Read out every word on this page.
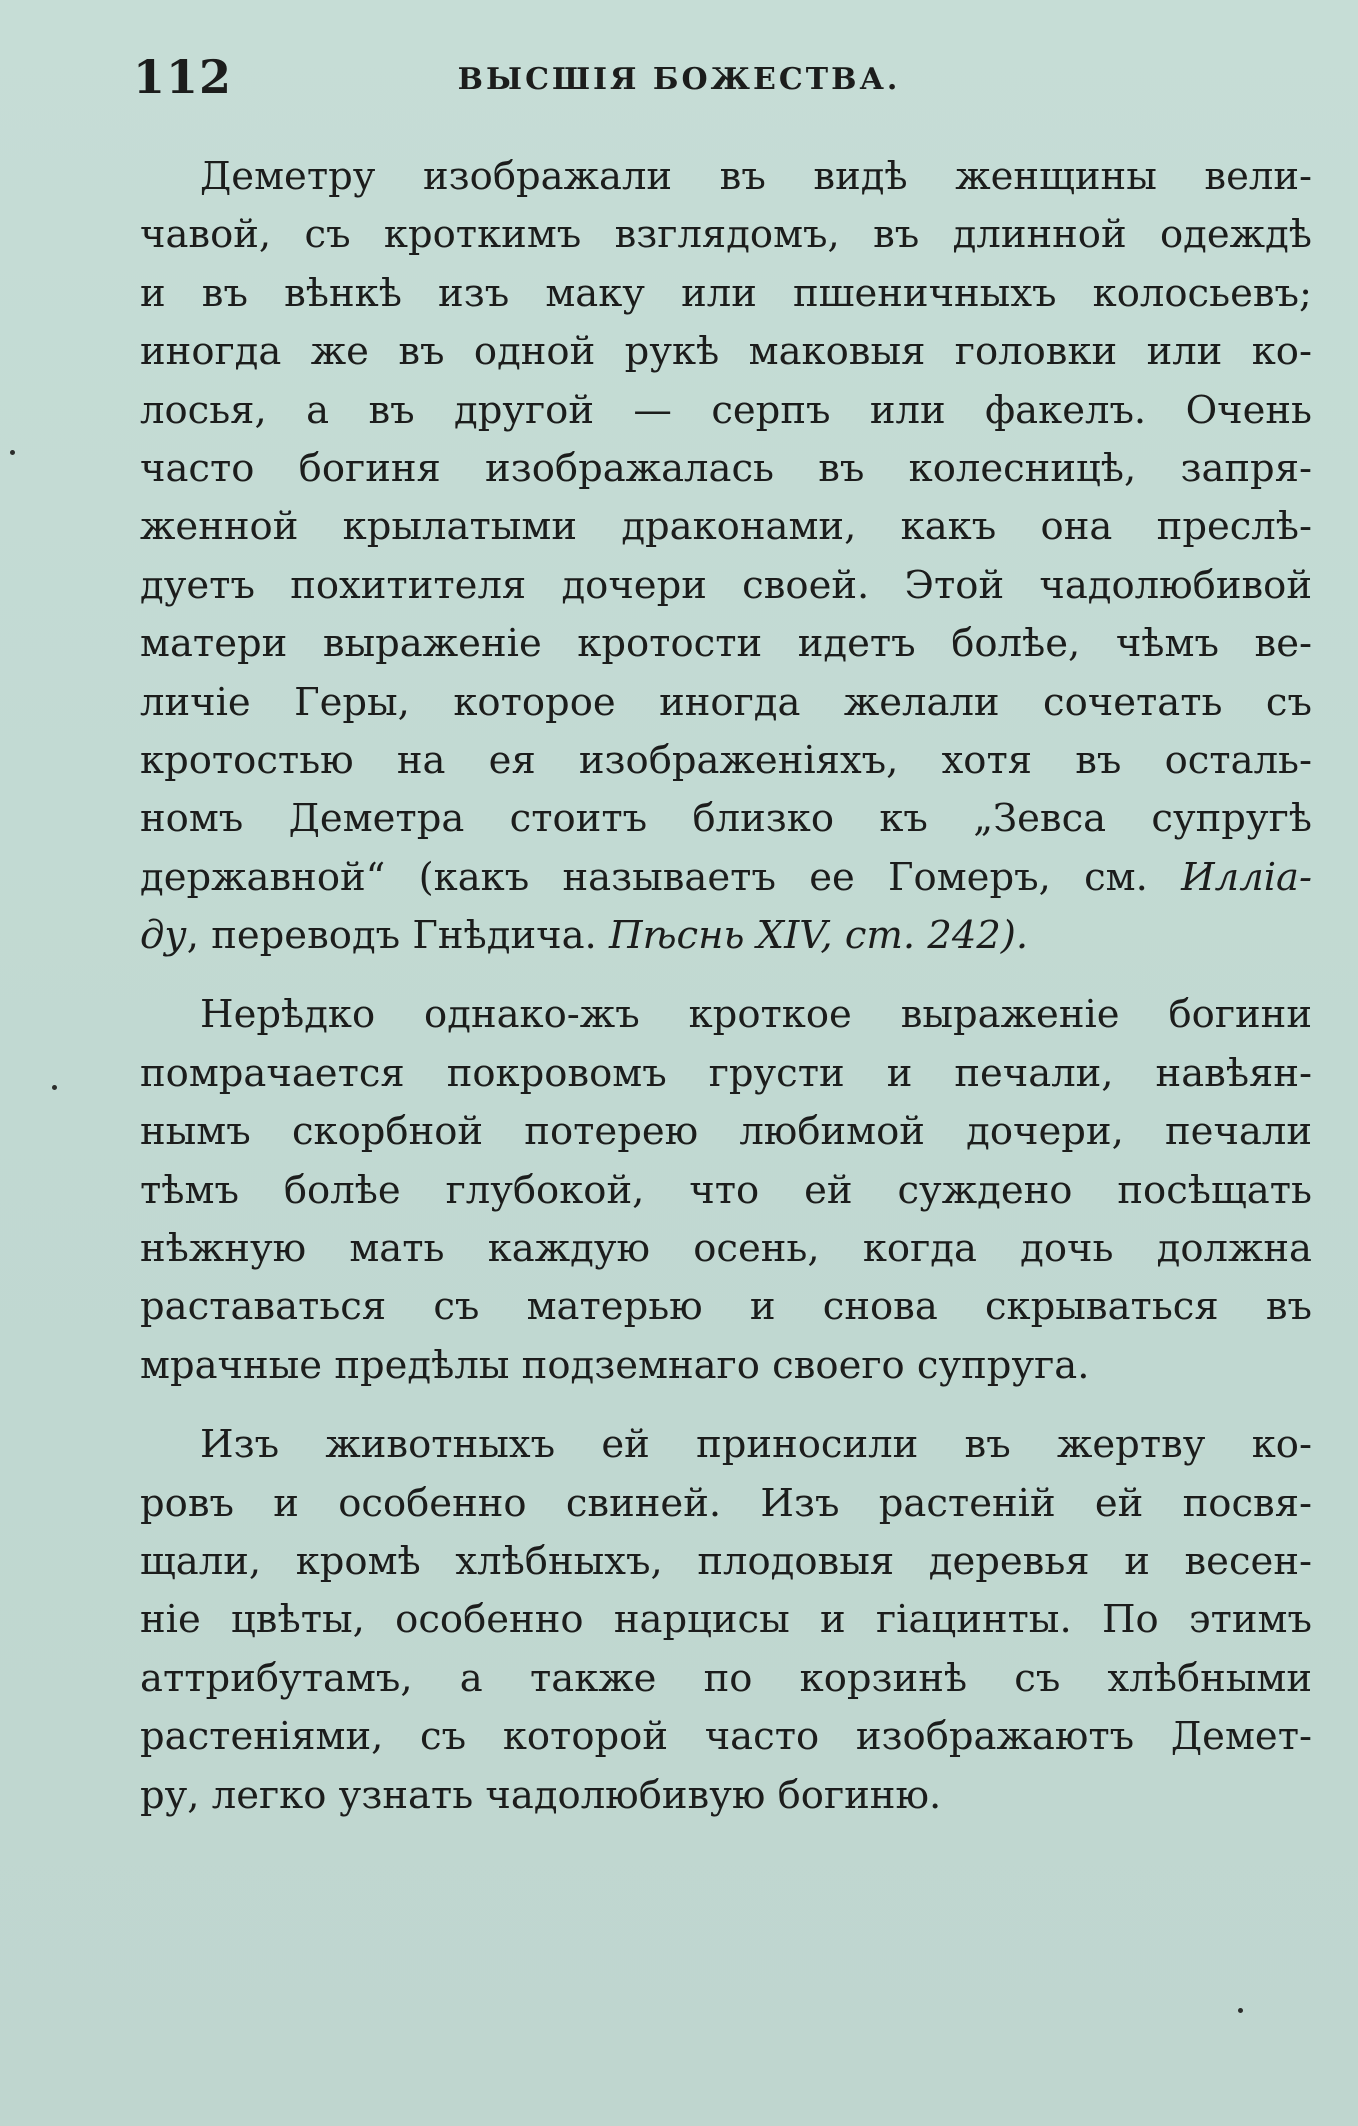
112	ВЫСШІЯ БОЖЕСТВА.
Деметру изображали въ видѣ женщины вели-
чавой, съ кроткимъ взглядомъ, въ длинной одеждѣ
и въ вѣнкѣ изъ маку или пшеничныхъ колосьевъ;
иногда же въ одной рукѣ маковыя головки или ко-
лосья, а въ другой — серпъ или факелъ. Очень
часто богиня изображалась въ колесницѣ, запря-
женной крылатыми драконами, какъ она преслѣ-
дуетъ похитителя дочери своей. Этой чадолюбивой
матери выраженіе кротости идетъ болѣе, чѣмъ ве-
личіе Геры, которое иногда желали сочетать съ
кротостью на ея изображеніяхъ, хотя въ осталь-
номъ Деметра стоитъ близко къ „Зевса супругѣ
державной“ (какъ называетъ ее Гомеръ, см. Илліа-
ду, переводъ Гнѣдича. Пѣснь XIV, ст. 242).
Нерѣдко однако-жъ кроткое выраженіе богини
помрачается покровомъ грусти и печали, навѣян-
нымъ скорбной потерею любимой дочери, печали
тѣмъ болѣе глубокой, что ей суждено посѣщать
нѣжную мать каждую осень, когда дочь должна
раставаться съ матерью и снова скрываться въ
мрачные предѣлы подземнаго своего супруга.
Изъ животныхъ ей приносили въ жертву ко-
ровъ и особенно свиней. Изъ растеній ей посвя-
щали, кромѣ хлѣбныхъ, плодовыя деревья и весен-
ніе цвѣты, особенно нарцисы и гіацинты. По этимъ
аттрибутамъ, а также по корзинѣ съ хлѣбными
растеніями, съ которой часто изображаютъ Демет-
ру, легко узнать чадолюбивую богиню.
